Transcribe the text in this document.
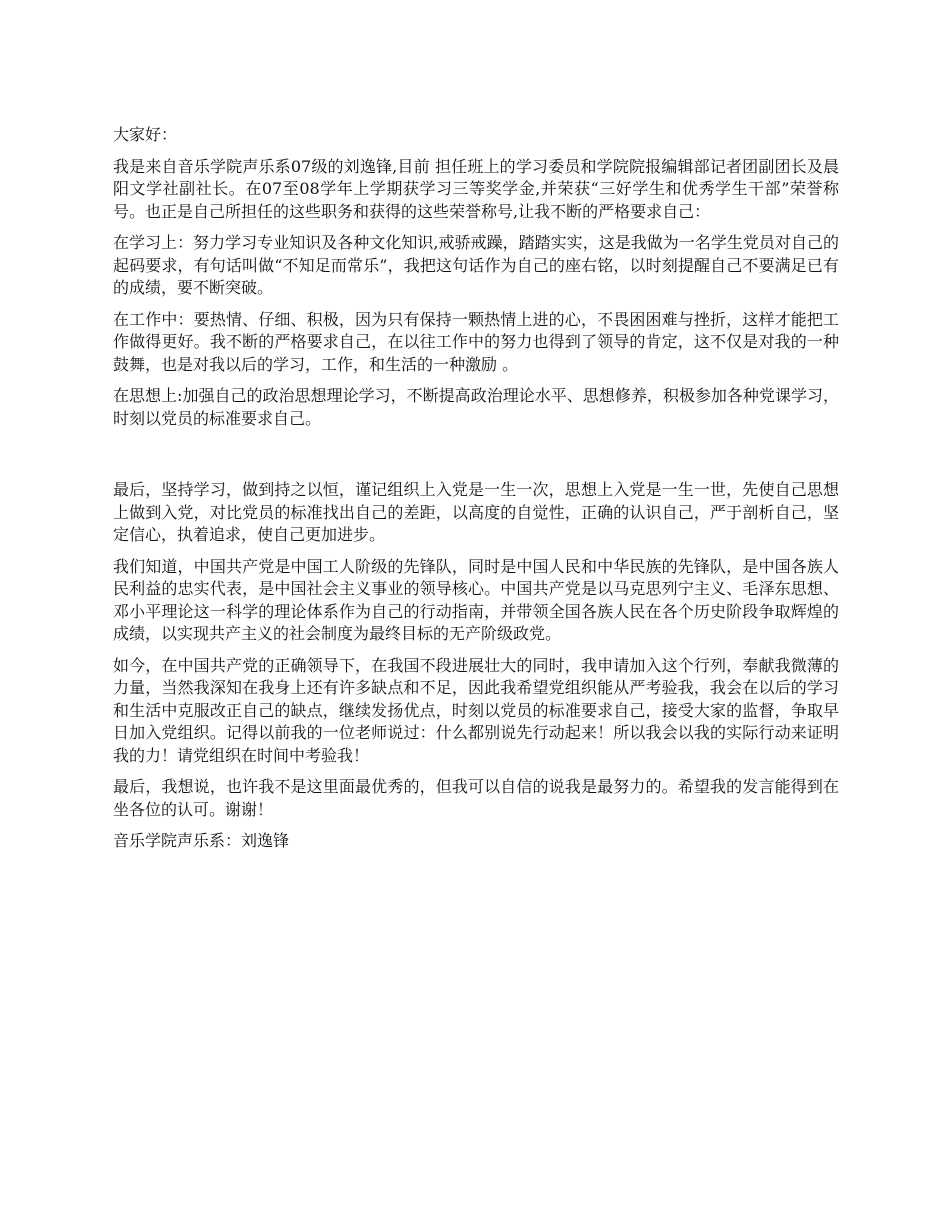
大家好：

我是来自音乐学院声乐系07级的刘逸锋,目前 担任班上的学习委员和学院院报编辑部记者团副团长及晨阳文学社副社长。在07至08学年上学期获学习三等奖学金,并荣获“三好学生和优秀学生干部”荣誉称号。也正是自己所担任的这些职务和获得的这些荣誉称号,让我不断的严格要求自己：

在学习上：努力学习专业知识及各种文化知识,戒骄戒躁，踏踏实实，这是我做为一名学生党员对自己的起码要求，有句话叫做“不知足而常乐”，我把这句话作为自己的座右铭，以时刻提醒自己不要满足已有的成绩，要不断突破。

在工作中：要热情、仔细、积极，因为只有保持一颗热情上进的心，不畏困困难与挫折，这样才能把工作做得更好。我不断的严格要求自己，在以往工作中的努力也得到了领导的肯定，这不仅是对我的一种鼓舞，也是对我以后的学习，工作，和生活的一种激励 。

在思想上:加强自己的政治思想理论学习，不断提高政治理论水平、思想修养，积极参加各种党课学习，时刻以党员的标准要求自己。

最后，坚持学习，做到持之以恒，谨记组织上入党是一生一次，思想上入党是一生一世，先使自己思想上做到入党，对比党员的标准找出自己的差距，以高度的自觉性，正确的认识自己，严于剖析自己，坚定信心，执着追求，使自己更加进步。

我们知道，中国共产党是中国工人阶级的先锋队，同时是中国人民和中华民族的先锋队，是中国各族人民利益的忠实代表，是中国社会主义事业的领导核心。中国共产党是以马克思列宁主义、毛泽东思想、邓小平理论这一科学的理论体系作为自己的行动指南，并带领全国各族人民在各个历史阶段争取辉煌的成绩，以实现共产主义的社会制度为最终目标的无产阶级政党。

如今，在中国共产党的正确领导下，在我国不段进展壮大的同时，我申请加入这个行列，奉献我微薄的力量，当然我深知在我身上还有许多缺点和不足，因此我希望党组织能从严考验我，我会在以后的学习和生活中克服改正自己的缺点，继续发扬优点，时刻以党员的标准要求自己，接受大家的监督，争取早日加入党组织。记得以前我的一位老师说过：什么都别说先行动起来！所以我会以我的实际行动来证明我的力！请党组织在时间中考验我！

最后，我想说，也许我不是这里面最优秀的，但我可以自信的说我是最努力的。希望我的发言能得到在坐各位的认可。谢谢！

音乐学院声乐系：刘逸锋
